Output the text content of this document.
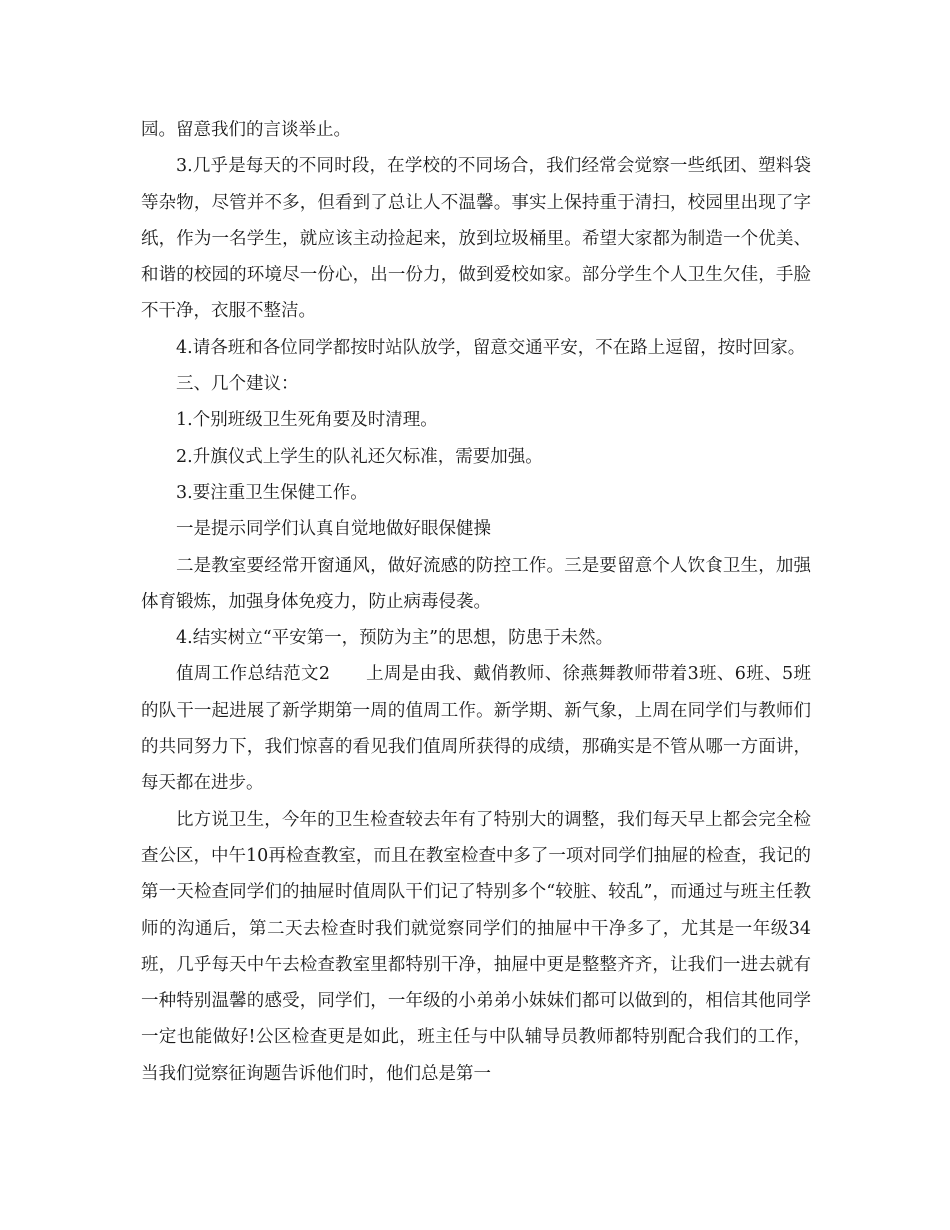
园。留意我们的言谈举止。

3.几乎是每天的不同时段，在学校的不同场合，我们经常会觉察一些纸团、塑料袋等杂物，尽管并不多，但看到了总让人不温馨。事实上保持重于清扫，校园里出现了字纸，作为一名学生，就应该主动捡起来，放到垃圾桶里。希望大家都为制造一个优美、和谐的校园的环境尽一份心，出一份力，做到爱校如家。部分学生个人卫生欠佳，手脸不干净，衣服不整洁。

4.请各班和各位同学都按时站队放学，留意交通平安，不在路上逗留，按时回家。

三、几个建议：

1.个别班级卫生死角要及时清理。

2.升旗仪式上学生的队礼还欠标准，需要加强。

3.要注重卫生保健工作。

一是提示同学们认真自觉地做好眼保健操

二是教室要经常开窗通风，做好流感的防控工作。三是要留意个人饮食卫生，加强体育锻炼，加强身体免疫力，防止病毒侵袭。

4.结实树立“平安第一，预防为主”的思想，防患于未然。

值周工作总结范文2　　上周是由我、戴俏教师、徐燕舞教师带着3班、6班、5班的队干一起进展了新学期第一周的值周工作。新学期、新气象，上周在同学们与教师们的共同努力下，我们惊喜的看见我们值周所获得的成绩，那确实是不管从哪一方面讲，每天都在进步。

比方说卫生，今年的卫生检查较去年有了特别大的调整，我们每天早上都会完全检查公区，中午10再检查教室，而且在教室检查中多了一项对同学们抽屉的检查，我记的第一天检查同学们的抽屉时值周队干们记了特别多个“较脏、较乱”，而通过与班主任教师的沟通后，第二天去检查时我们就觉察同学们的抽屉中干净多了，尤其是一年级34班，几乎每天中午去检查教室里都特别干净，抽屉中更是整整齐齐，让我们一进去就有一种特别温馨的感受，同学们，一年级的小弟弟小妹妹们都可以做到的，相信其他同学一定也能做好!公区检查更是如此，班主任与中队辅导员教师都特别配合我们的工作，当我们觉察征询题告诉他们时，他们总是第一
